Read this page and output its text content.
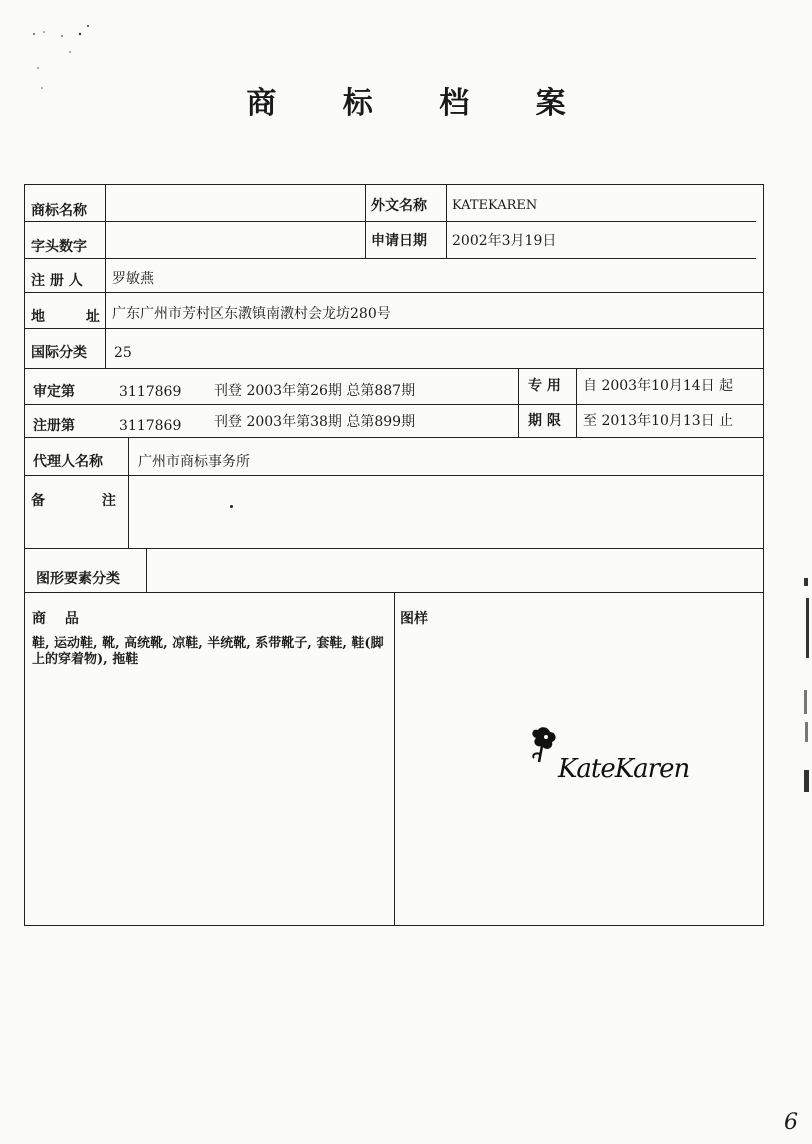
商 标 档 案
商标名称	外文名称 KATEKAREN
字头数字	申请日期 2002年3月19日
注 册 人 罗敏燕
地 址 广东广州市芳村区东漖镇南漖村会龙坊280号
国际分类 25
审定第	3117869 刊登 2003年第26期 总第887期	专 用 自 2003年10月14日 起
注册第	3117869 刊登 2003年第38期 总第899期	期 限 至 2013年10月13日 止
代理人名称	广州市商标事务所
备 注
图形要素分类
商 品
鞋, 运动鞋, 靴, 高统靴, 凉鞋, 半统靴, 系带靴子, 套鞋, 鞋(脚上的穿着物), 拖鞋
图样
KateKaren
6
